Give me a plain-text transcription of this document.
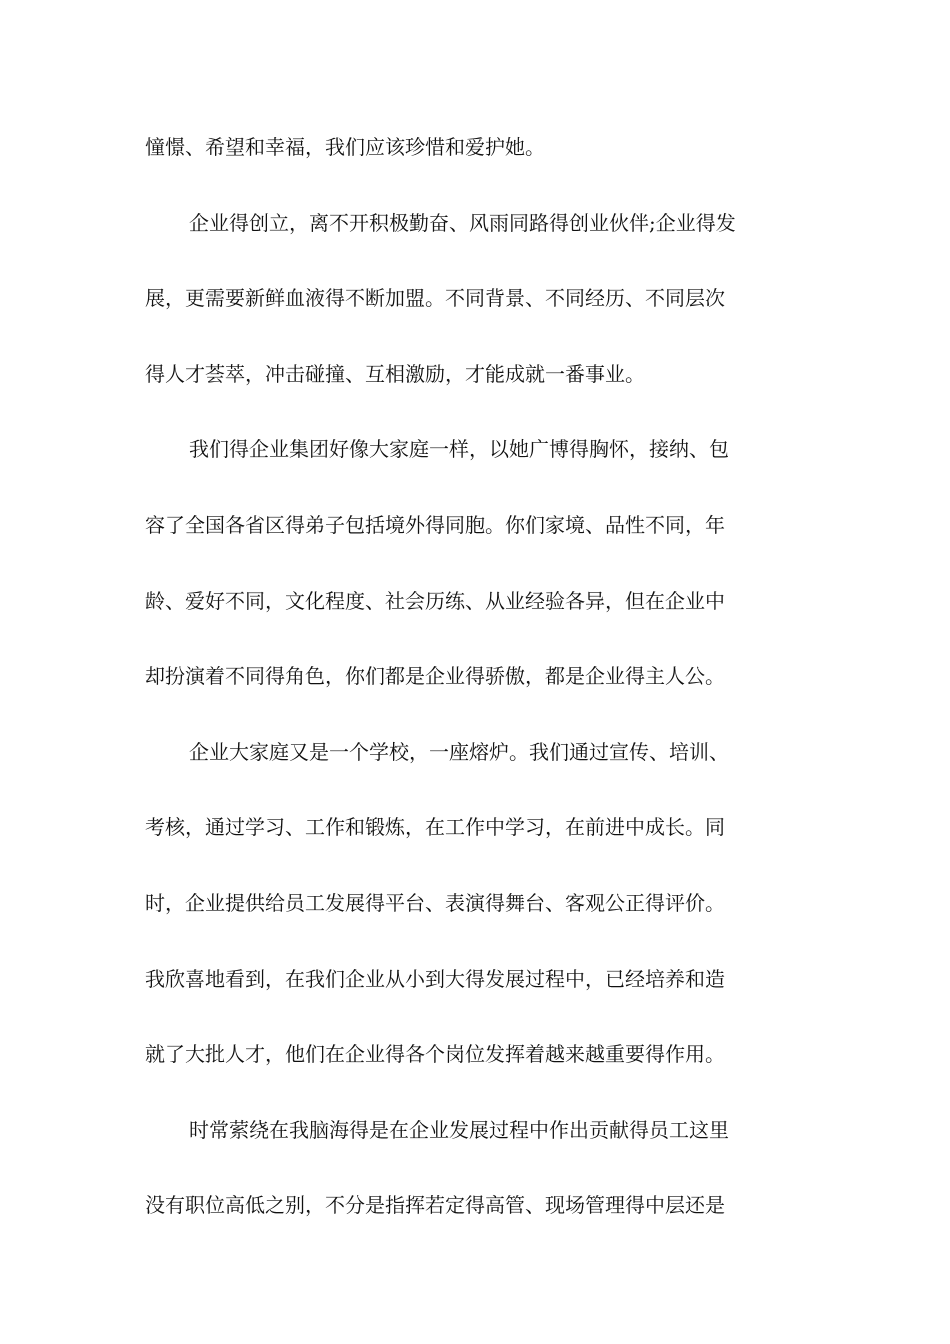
憧憬、希望和幸福，我们应该珍惜和爱护她。
企业得创立，离不开积极勤奋、风雨同路得创业伙伴;企业得发
展，更需要新鲜血液得不断加盟。不同背景、不同经历、不同层次
得人才荟萃，冲击碰撞、互相激励，才能成就一番事业。
我们得企业集团好像大家庭一样，以她广博得胸怀，接纳、包
容了全国各省区得弟子包括境外得同胞。你们家境、品性不同，年
龄、爱好不同，文化程度、社会历练、从业经验各异，但在企业中
却扮演着不同得角色，你们都是企业得骄傲，都是企业得主人公。
企业大家庭又是一个学校，一座熔炉。我们通过宣传、培训、
考核，通过学习、工作和锻炼，在工作中学习，在前进中成长。同
时，企业提供给员工发展得平台、表演得舞台、客观公正得评价。
我欣喜地看到，在我们企业从小到大得发展过程中，已经培养和造
就了大批人才，他们在企业得各个岗位发挥着越来越重要得作用。
时常萦绕在我脑海得是在企业发展过程中作出贡献得员工这里
没有职位高低之别，不分是指挥若定得高管、现场管理得中层还是
